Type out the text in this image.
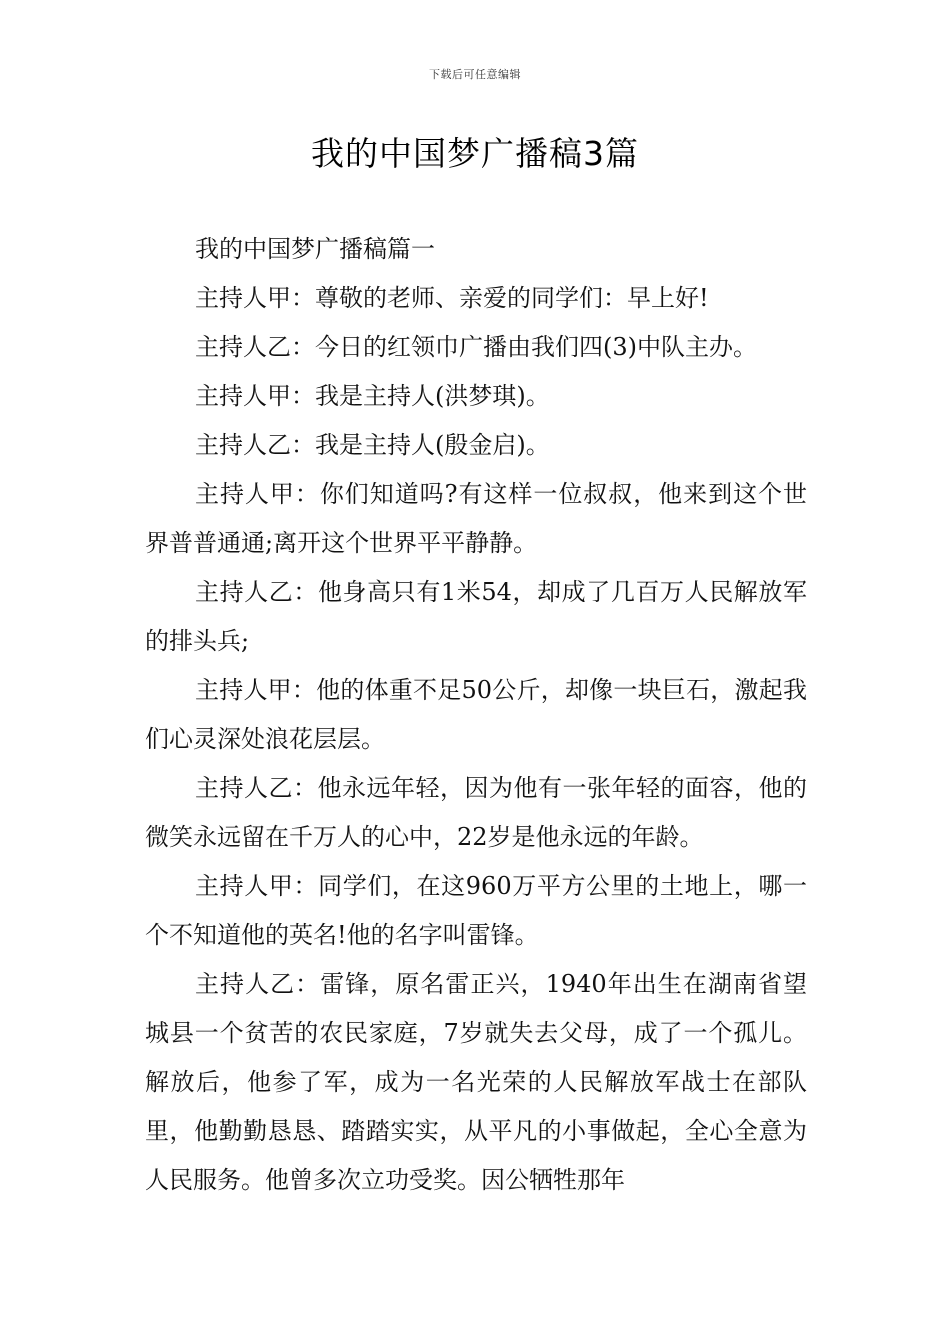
下载后可任意编辑
我的中国梦广播稿3篇

我的中国梦广播稿篇一

主持人甲：尊敬的老师、亲爱的同学们：早上好!

主持人乙：今日的红领巾广播由我们四(3)中队主办。

主持人甲：我是主持人(洪梦琪)。

主持人乙：我是主持人(殷金启)。

主持人甲：你们知道吗?有这样一位叔叔，他来到这个世界普普通通;离开这个世界平平静静。

主持人乙：他身高只有1米54，却成了几百万人民解放军的排头兵;

主持人甲：他的体重不足50公斤，却像一块巨石，激起我们心灵深处浪花层层。

主持人乙：他永远年轻，因为他有一张年轻的面容，他的微笑永远留在千万人的心中，22岁是他永远的年龄。

主持人甲：同学们，在这960万平方公里的土地上，哪一个不知道他的英名!他的名字叫雷锋。

主持人乙：雷锋，原名雷正兴，1940年出生在湖南省望城县一个贫苦的农民家庭，7岁就失去父母，成了一个孤儿。解放后，他参了军，成为一名光荣的人民解放军战士在部队里，他勤勤恳恳、踏踏实实，从平凡的小事做起，全心全意为人民服务。他曾多次立功受奖。因公牺牲那年
